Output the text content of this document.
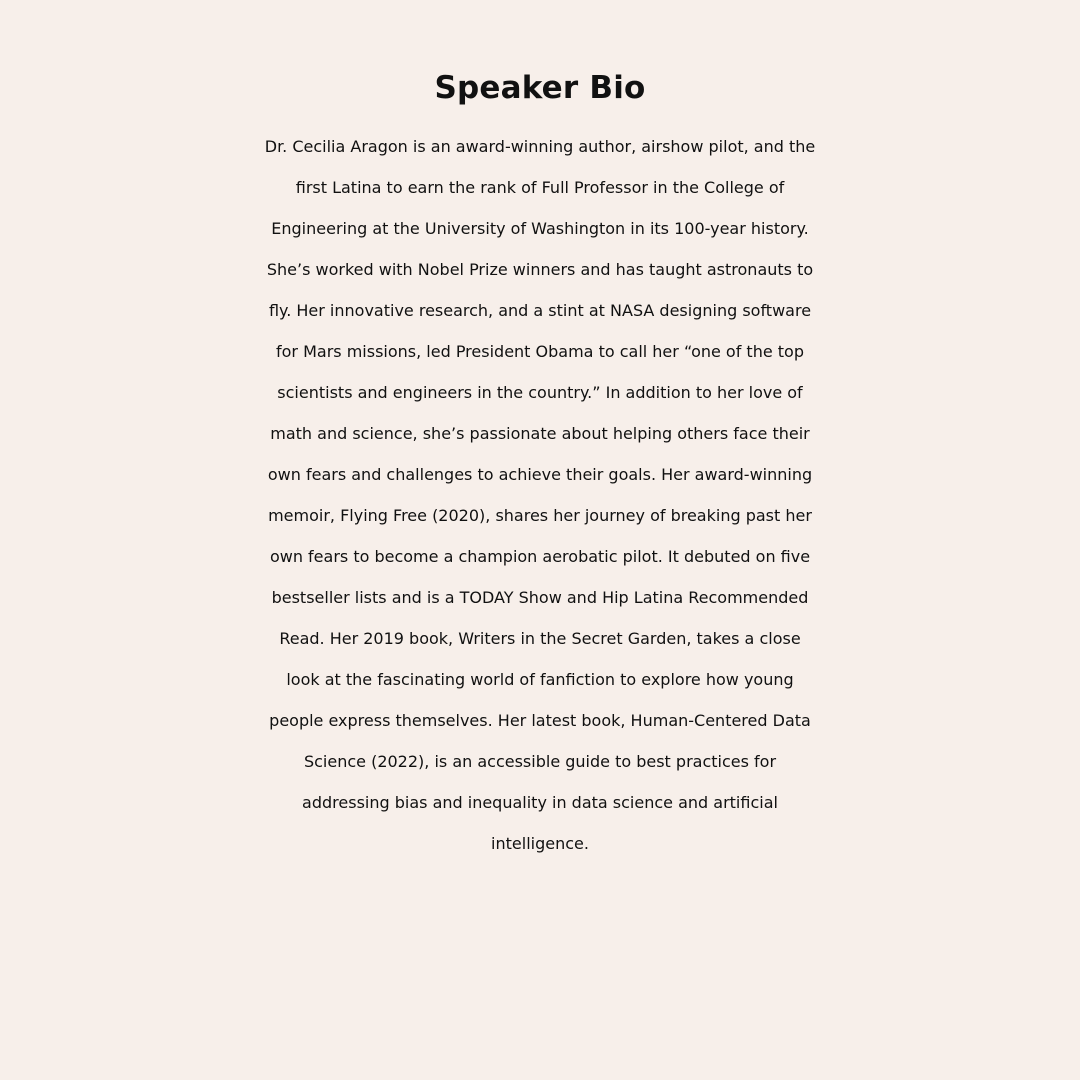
Speaker Bio
Dr. Cecilia Aragon is an award-winning author, airshow pilot, and the
first Latina to earn the rank of Full Professor in the College of
Engineering at the University of Washington in its 100-year history.
She’s worked with Nobel Prize winners and has taught astronauts to
fly. Her innovative research, and a stint at NASA designing software
for Mars missions, led President Obama to call her “one of the top
scientists and engineers in the country.” In addition to her love of
math and science, she’s passionate about helping others face their
own fears and challenges to achieve their goals. Her award-winning
memoir, Flying Free (2020), shares her journey of breaking past her
own fears to become a champion aerobatic pilot. It debuted on five
bestseller lists and is a TODAY Show and Hip Latina Recommended
Read. Her 2019 book, Writers in the Secret Garden, takes a close
look at the fascinating world of fanfiction to explore how young
people express themselves. Her latest book, Human-Centered Data
Science (2022), is an accessible guide to best practices for
addressing bias and inequality in data science and artificial
intelligence.
